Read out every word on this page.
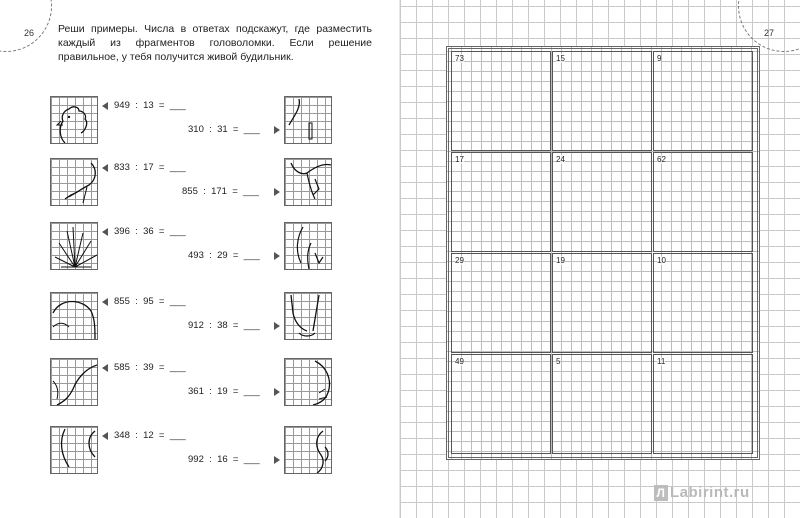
26 Реши примеры. Числа в ответах подскажут, где разместить каждый из фрагментов головоломки. Если решение правильное, у тебя получится живой будильник.
949 : 13 = ___
310 : 31 = ___
833 : 17 = ___
855 : 171 = ___
396 : 36 = ___
493 : 29 = ___
855 : 95 = ___
912 : 38 = ___
585 : 39 = ___
361 : 19 = ___
348 : 12 = ___
992 : 16 = ___
27
73	15	9
17	24	62
29	19	10
49	5	11
Л Labirint.ru
